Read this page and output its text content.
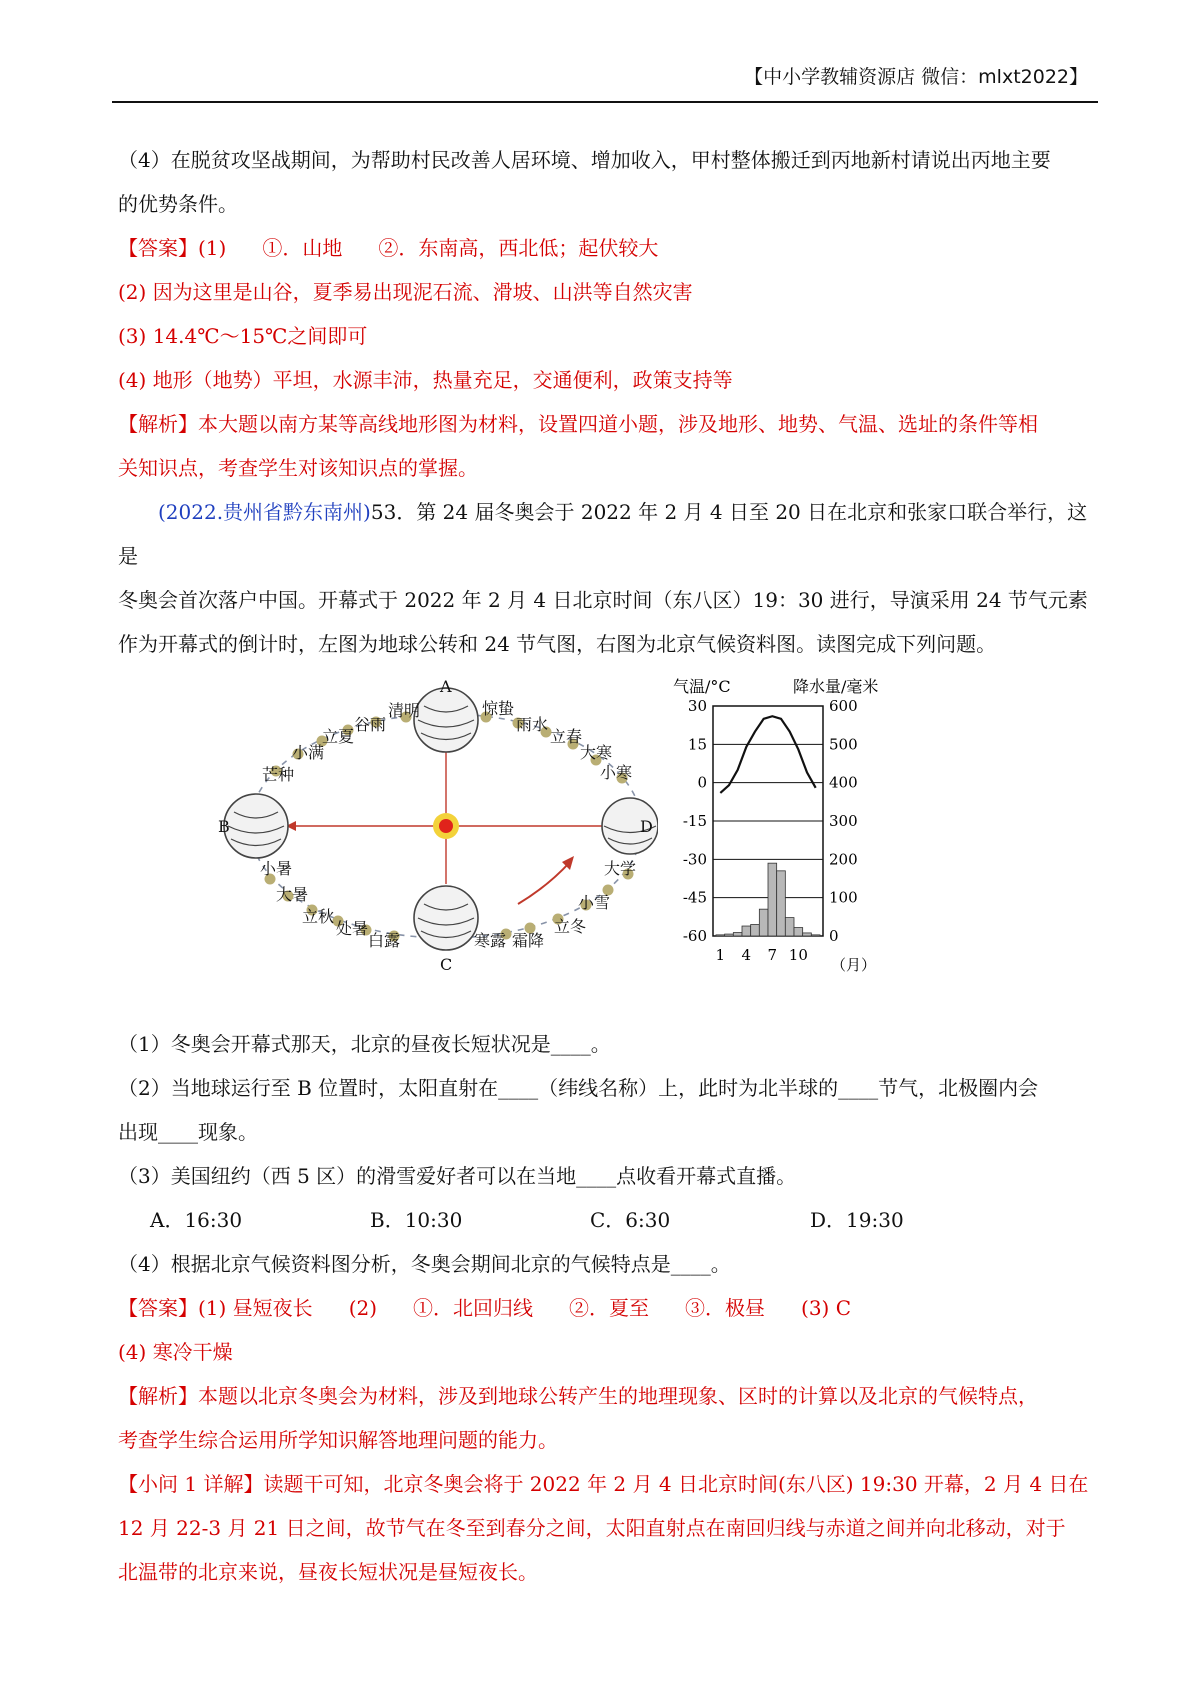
【中小学教辅资源店 微信：mlxt2022】

（4）在脱贫攻坚战期间，为帮助村民改善人居环境、增加收入，甲村整体搬迁到丙地新村请说出丙地主要

的优势条件。

【答案】(1) ①．山地 ②．东南高，西北低；起伏较大

(2) 因为这里是山谷，夏季易出现泥石流、滑坡、山洪等自然灾害

(3) 14.4℃～15℃之间即可

(4) 地形（地势）平坦，水源丰沛，热量充足，交通便利，政策支持等

【解析】本大题以南方某等高线地形图为材料，设置四道小题，涉及地形、地势、气温、选址的条件等相

关知识点，考查学生对该知识点的掌握。

(2022.贵州省黔东南州)53．第 24 届冬奥会于 2022 年 2 月 4 日至 20 日在北京和张家口联合举行，这是

冬奥会首次落户中国。开幕式于 2022 年 2 月 4 日北京时间（东八区）19：30 进行，导演采用 24 节气元素

作为开幕式的倒计时，左图为地球公转和 24 节气图，右图为北京气候资料图。读图完成下列问题。

A
B
C
D
清明	惊蛰
谷雨	雨水
立夏	立春
小满	大寒
芒种	小寒
小暑	大学
大暑	小雪
立秋
立冬
处暑
白露	寒露 霜降
气温/°C	降水量/毫米
30
15
0
-15
-30
-45
-60
600
500
400
300
200
100
0
1 4 7 10
（月）

（1）冬奥会开幕式那天，北京的昼夜长短状况是____。

（2）当地球运行至 B 位置时，太阳直射在____（纬线名称）上，此时为北半球的____节气，北极圈内会

出现____现象。

（3）美国纽约（西 5 区）的滑雪爱好者可以在当地____点收看开幕式直播。

A．16:30	B．10:30	C．6:30	D．19:30

（4）根据北京气候资料图分析，冬奥会期间北京的气候特点是____。

【答案】(1) 昼短夜长 (2) ①．北回归线 ②．夏至 ③．极昼 (3) C

(4) 寒冷干燥

【解析】本题以北京冬奥会为材料，涉及到地球公转产生的地理现象、区时的计算以及北京的气候特点，

考查学生综合运用所学知识解答地理问题的能力。

【小问 1 详解】读题干可知，北京冬奥会将于 2022 年 2 月 4 日北京时间(东八区) 19:30 开幕，2 月 4 日在

12 月 22-3 月 21 日之间，故节气在冬至到春分之间，太阳直射点在南回归线与赤道之间并向北移动，对于

北温带的北京来说，昼夜长短状况是昼短夜长。
